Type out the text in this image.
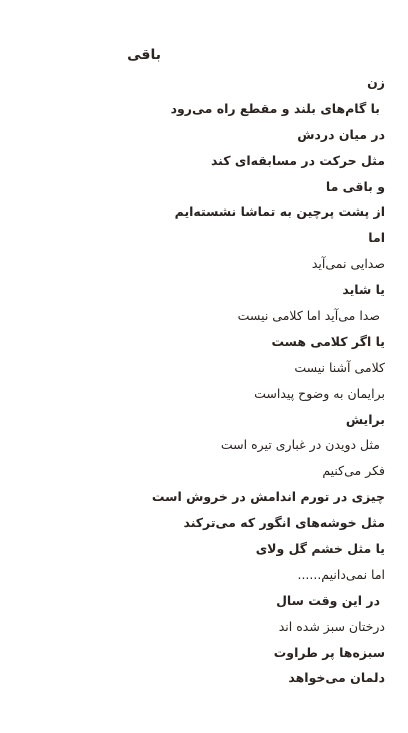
باقی
زن
با گام‌های بلند و مقطع راه می‌رود
در میان دردش
مثل حرکت در مسابقه‌ای کند
و باقی ما
از پشت پرچین به تماشا نشسته‌ایم
اما
صدایی نمی‌آید
یا شاید
صدا می‌آید اما کلامی نیست
یا اگر کلامی هست
کلامی آشنا نیست
برایمان به وضوح پیداست
برایش
مثل دویدن در غباری تیره است
فکر می‌کنیم
چیزی در تورم اندامش در خروش است
مثل خوشه‌های انگور که می‌ترکند
یا مثل خشم گل ولای
اما نمی‌دانیم......
در این وقت سال
درختان سبز شده اند
سبزه‌ها پر طراوت
دلمان می‌خواهد
